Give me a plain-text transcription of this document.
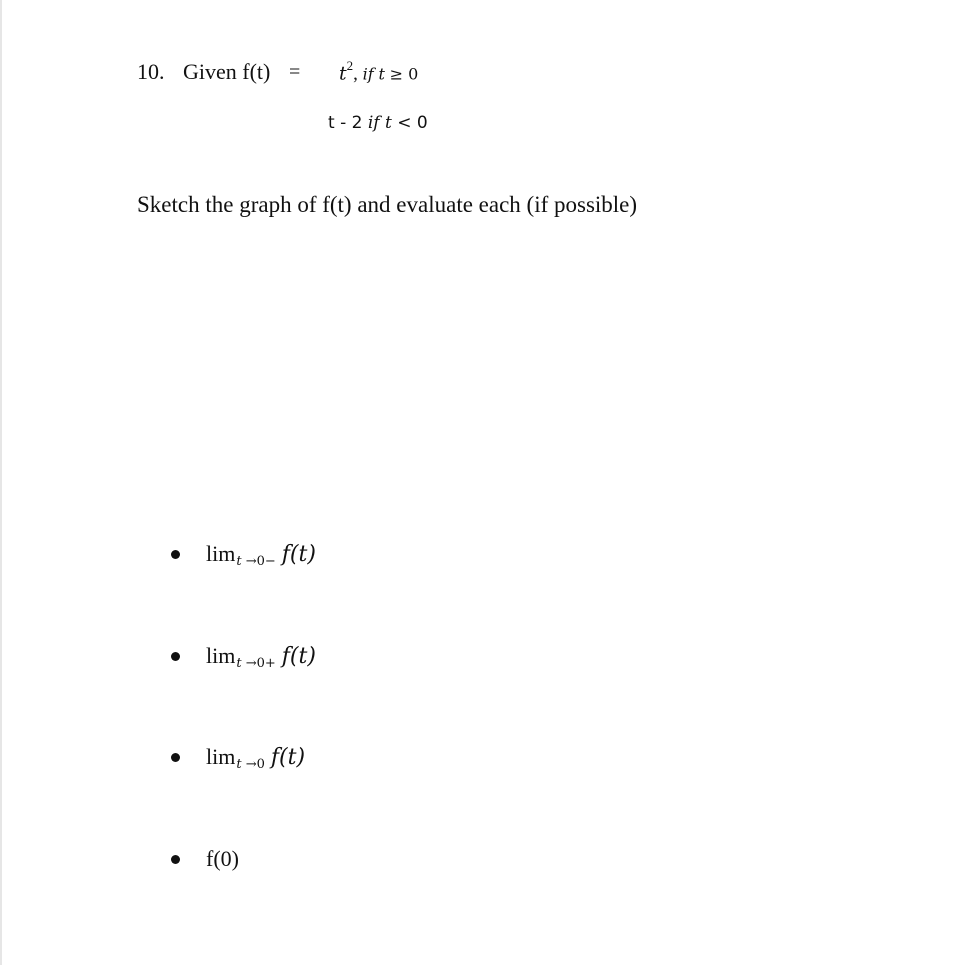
10. Given $f(t) = t^2$, if t ≥ 0
t - 2 if t < 0
Sketch the graph of f(t) and evaluate each (if possible)
lim t →0− f(t)
lim t →0+ f(t)
lim t →0 f(t)
f(0)
